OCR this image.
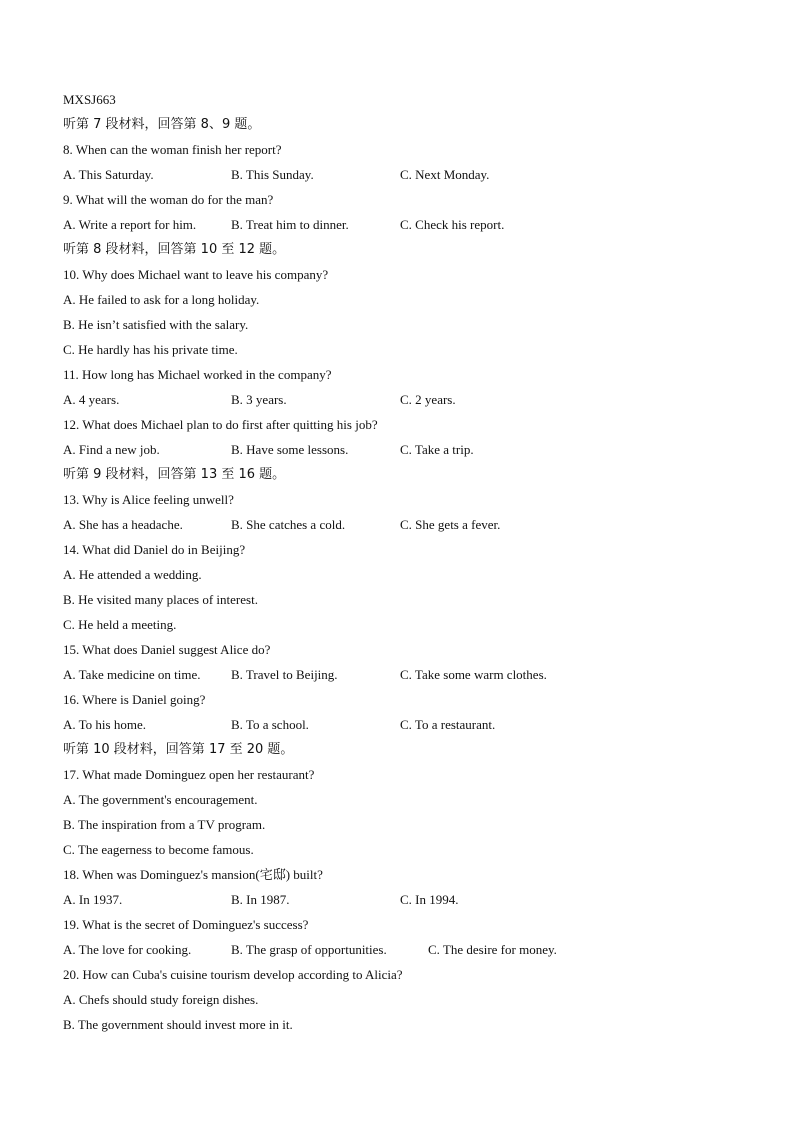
MXSJ663
听第 7 段材料，回答第 8、9 题。
8. When can the woman finish her report?
A. This Saturday.	B. This Sunday.	C. Next Monday.
9. What will the woman do for the man?
A. Write a report for him.	B. Treat him to dinner.	C. Check his report.
听第 8 段材料，回答第 10 至 12 题。
10. Why does Michael want to leave his company?
A. He failed to ask for a long holiday.
B. He isn’t satisfied with the salary.
C. He hardly has his private time.
11. How long has Michael worked in the company?
A. 4 years.	B. 3 years.	C. 2 years.
12. What does Michael plan to do first after quitting his job?
A. Find a new job.	B. Have some lessons.	C. Take a trip.
听第 9 段材料，回答第 13 至 16 题。
13. Why is Alice feeling unwell?
A. She has a headache.	B. She catches a cold.	C. She gets a fever.
14. What did Daniel do in Beijing?
A. He attended a wedding.
B. He visited many places of interest.
C. He held a meeting.
15. What does Daniel suggest Alice do?
A. Take medicine on time. B. Travel to Beijing.	C. Take some warm clothes.
16. Where is Daniel going?
A. To his home.	B. To a school.	C. To a restaurant.
听第 10 段材料，回答第 17 至 20 题。
17. What made Dominguez open her restaurant?
A. The government's encouragement.
B. The inspiration from a TV program.
C. The eagerness to become famous.
18. When was Dominguez's mansion(宅邸) built?
A. In 1937.	B. In 1987.	C. In 1994.
19. What is the secret of Dominguez's success?
A. The love for cooking.	B. The grasp of opportunities.	C. The desire for money.
20. How can Cuba's cuisine tourism develop according to Alicia?
A. Chefs should study foreign dishes.
B. The government should invest more in it.
